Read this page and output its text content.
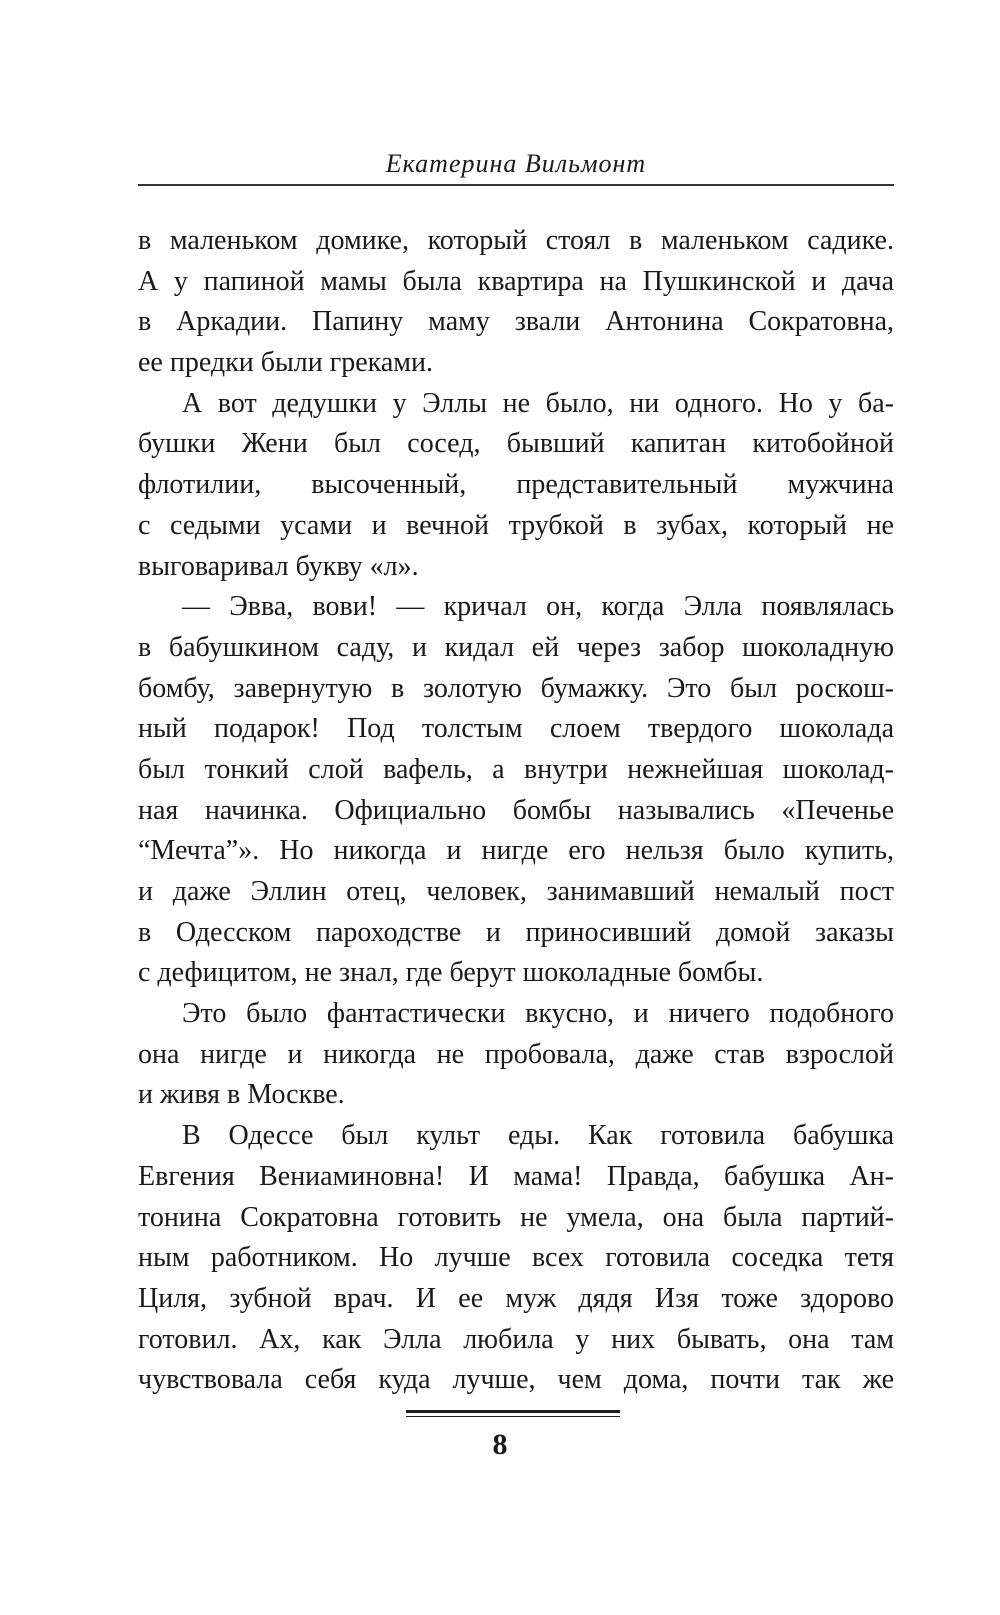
Екатерина Вильмонт
в маленьком домике, который стоял в маленьком садике.
А у папиной мамы была квартира на Пушкинской и дача
в Аркадии. Папину маму звали Антонина Сократовна,
ее предки были греками.
А вот дедушки у Эллы не было, ни одного. Но у ба-
бушки Жени был сосед, бывший капитан китобойной
флотилии, высоченный, представительный мужчина
с седыми усами и вечной трубкой в зубах, который не
выговаривал букву «л».
— Эвва, вови! — кричал он, когда Элла появлялась
в бабушкином саду, и кидал ей через забор шоколадную
бомбу, завернутую в золотую бумажку. Это был роскош-
ный подарок! Под толстым слоем твердого шоколада
был тонкий слой вафель, а внутри нежнейшая шоколад-
ная начинка. Официально бомбы назывались «Печенье
“Мечта”». Но никогда и нигде его нельзя было купить,
и даже Эллин отец, человек, занимавший немалый пост
в Одесском пароходстве и приносивший домой заказы
с дефицитом, не знал, где берут шоколадные бомбы.
Это было фантастически вкусно, и ничего подобного
она нигде и никогда не пробовала, даже став взрослой
и живя в Москве.
В Одессе был культ еды. Как готовила бабушка
Евгения Вениаминовна! И мама! Правда, бабушка Ан-
тонина Сократовна готовить не умела, она была партий-
ным работником. Но лучше всех готовила соседка тетя
Циля, зубной врач. И ее муж дядя Изя тоже здорово
готовил. Ах, как Элла любила у них бывать, она там
чувствовала себя куда лучше, чем дома, почти так же
8
